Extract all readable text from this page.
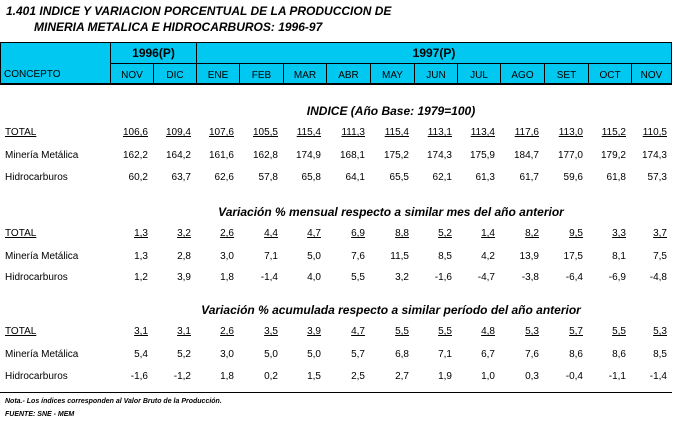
1.401 INDICE Y VARIACION PORCENTUAL DE LA PRODUCCION DE
MINERIA METALICA E HIDROCARBUROS: 1996-97
CONCEPTO
1996(P)	1997(P)
NOV	DIC	ENE	FEB	MAR	ABR	MAY	JUN	JUL	AGO	SET	OCT	NOV
INDICE (Año Base: 1979=100)
TOTAL	106,6	109,4	107,6	105,5	115,4	111,3	115,4	113,1	113,4	117,6	113,0	115,2	110,5
Minería Metálica	162,2	164,2	161,6	162,8	174,9	168,1	175,2	174,3	175,9	184,7	177,0	179,2	174,3
Hidrocarburos	60,2	63,7	62,6	57,8	65,8	64,1	65,5	62,1	61,3	61,7	59,6	61,8	57,3
Variación % mensual respecto a similar mes del año anterior
TOTAL	1,3	3,2	2,6	4,4	4,7	6,9	8,8	5,2	1,4	8,2	9,5	3,3	3,7
Minería Metálica	1,3	2,8	3,0	7,1	5,0	7,6	11,5	8,5	4,2	13,9	17,5	8,1	7,5
Hidrocarburos	1,2	3,9	1,8	-1,4	4,0	5,5	3,2	-1,6	-4,7	-3,8	-6,4	-6,9	-4,8
Variación % acumulada respecto a similar período del año anterior
TOTAL	3,1	3,1	2,6	3,5	3,9	4,7	5,5	5,5	4,8	5,3	5,7	5,5	5,3
Minería Metálica	5,4	5,2	3,0	5,0	5,0	5,7	6,8	7,1	6,7	7,6	8,6	8,6	8,5
Hidrocarburos	-1,6	-1,2	1,8	0,2	1,5	2,5	2,7	1,9	1,0	0,3	-0,4	-1,1	-1,4
Nota.- Los índices corresponden al Valor Bruto de la Producción.
FUENTE: SNE - MEM
